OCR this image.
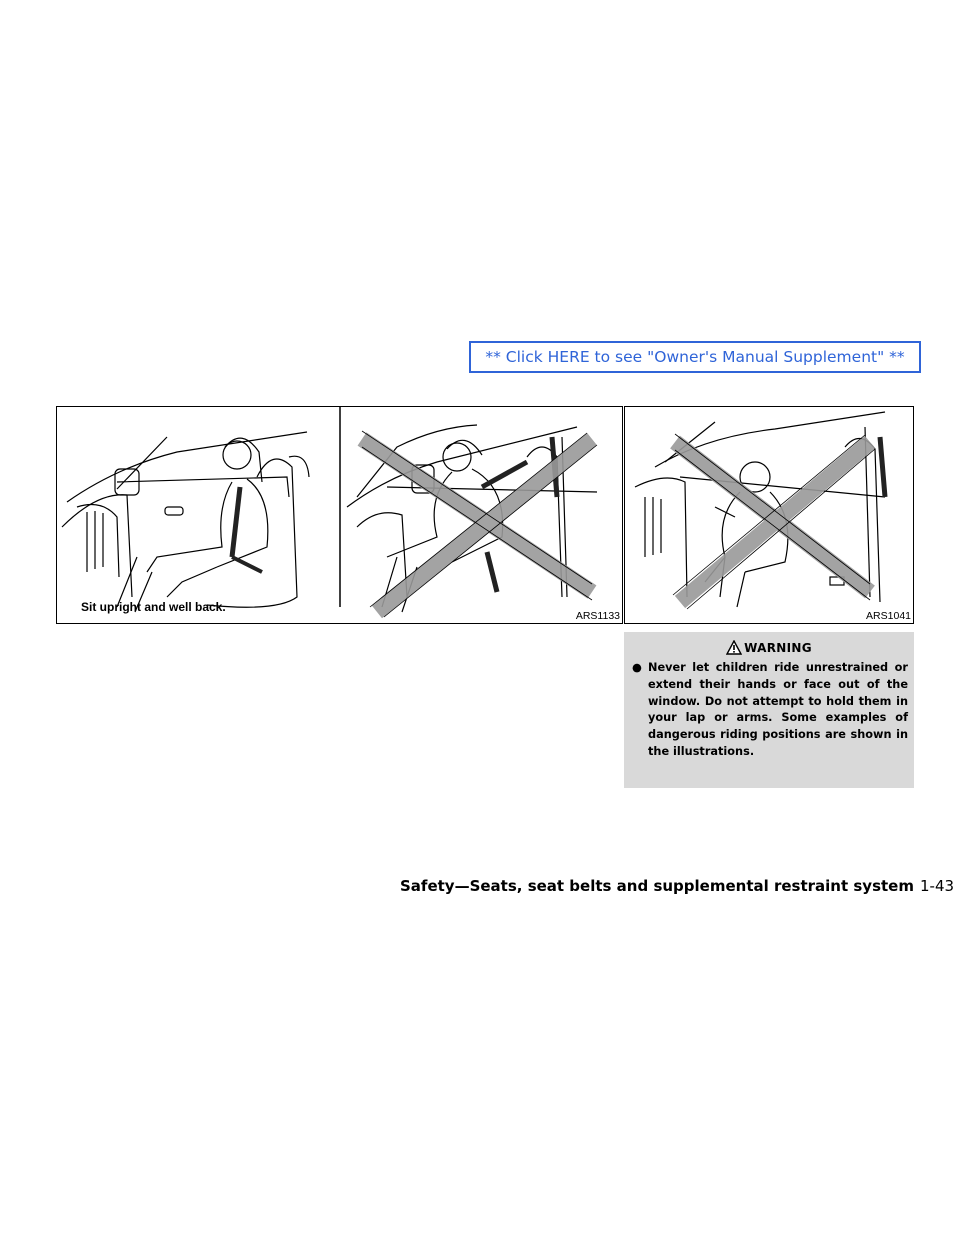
** Click HERE to see "Owner's Manual Supplement" **
Sit upright and well back.
ARS1133	ARS1041
WARNING
● Never let children ride unrestrained or extend their hands or face out of the window. Do not attempt to hold them in your lap or arms. Some examples of dangerous riding positions are shown in the illustrations.
Safety—Seats, seat belts and supplemental restraint system 1-43
